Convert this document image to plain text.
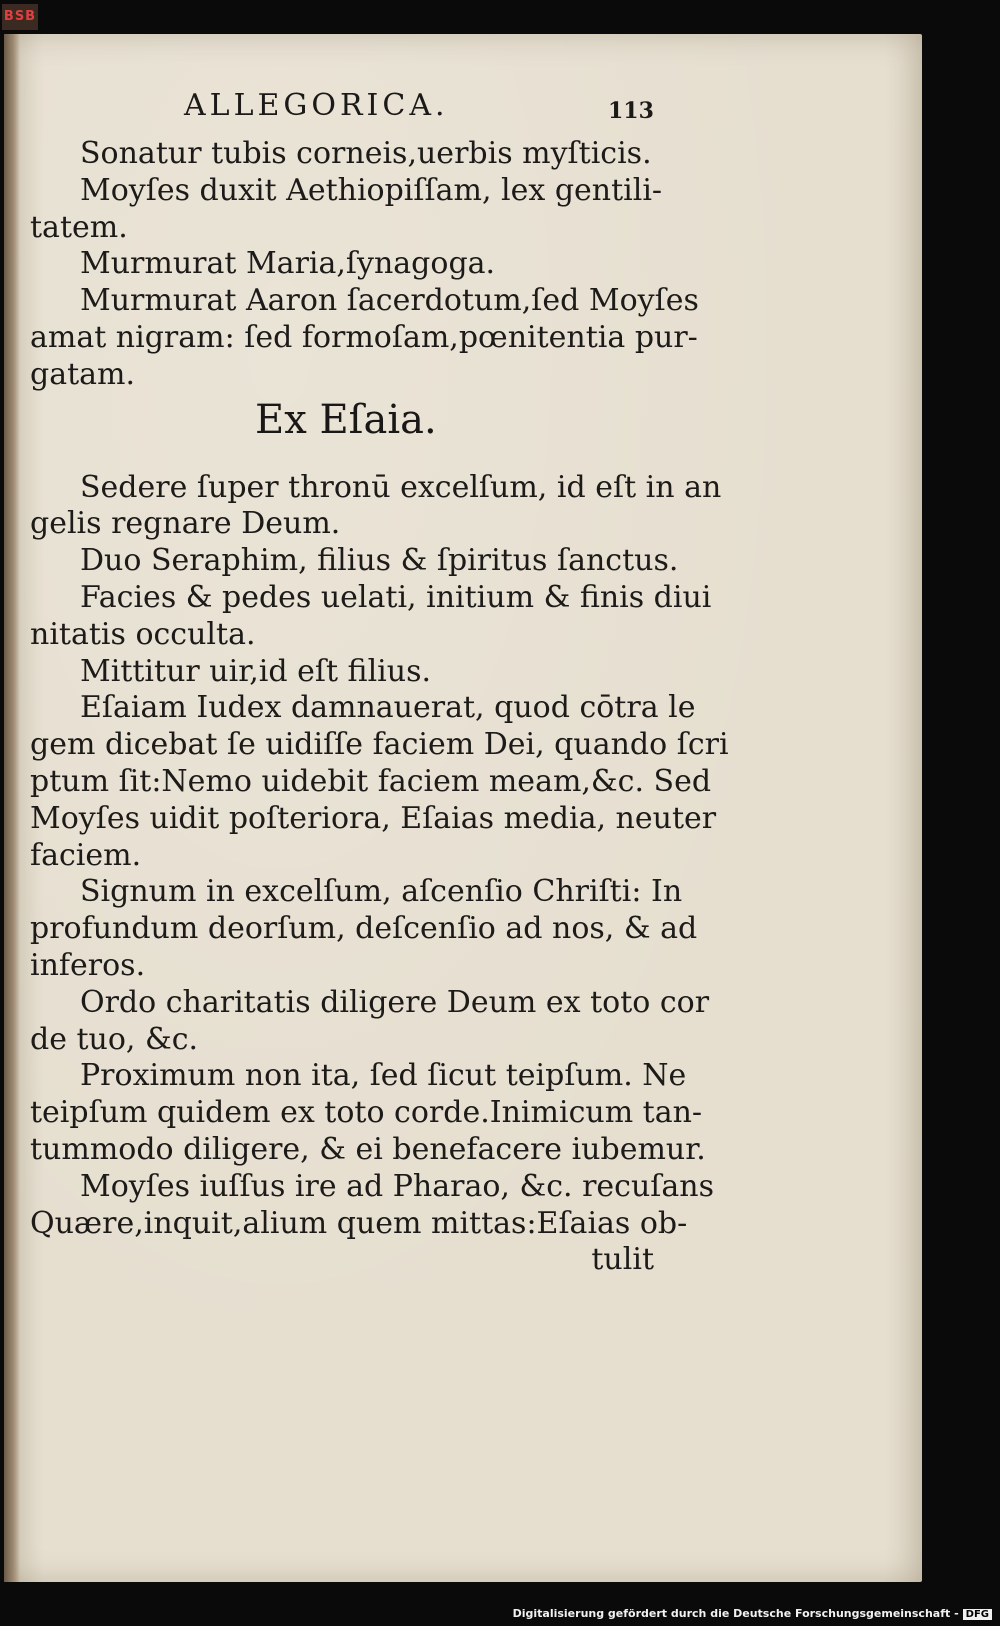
BSB
ALLEGORICA.	113
Sonatur tubis corneis,uerbis myſticis.
Moyſes duxit Aethiopiſſam, lex gentili-
tatem.
Murmurat Maria,ſynagoga.
Murmurat Aaron ſacerdotum,ſed Moyſes
amat nigram: ſed formoſam,pœnitentia pur-
gatam.
Ex Eſaia.
Sedere ſuper thronū excelſum, id eſt in an
gelis regnare Deum.
Duo Seraphim, filius & ſpiritus ſanctus.
Facies & pedes uelati, initium & finis diui
nitatis occulta.
Mittitur uir,id eſt filius.
Eſaiam Iudex damnauerat, quod cōtra le
gem dicebat ſe uidiſſe faciem Dei, quando ſcri
ptum ſit:Nemo uidebit faciem meam,&c. Sed
Moyſes uidit poſteriora, Eſaias media, neuter
faciem.
Signum in excelſum, aſcenſio Chriſti: In
profundum deorſum, deſcenſio ad nos, & ad
inferos.
Ordo charitatis diligere Deum ex toto cor
de tuo, &c.
Proximum non ita, ſed ſicut teipſum. Ne
teipſum quidem ex toto corde.Inimicum tan-
tummodo diligere, & ei benefacere iubemur.
Moyſes iuſſus ire ad Pharao, &c. recuſans
Quære,inquit,alium quem mittas:Eſaias ob-
tulit
Digitalisierung gefördert durch die Deutsche Forschungsgemeinschaft - DFG
